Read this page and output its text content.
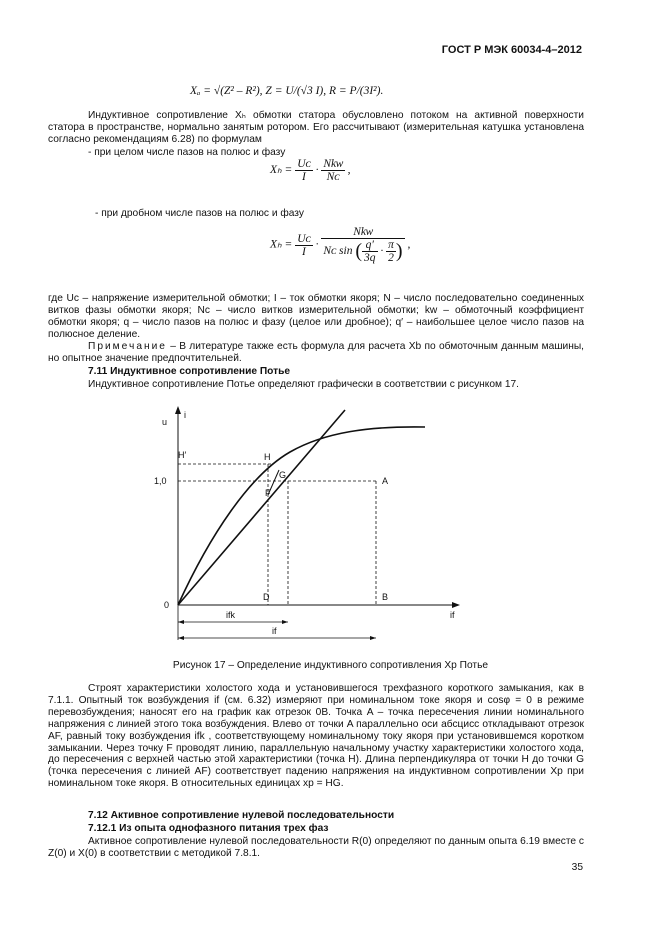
ГОСТ Р МЭК 60034-4–2012
Xₐ = √(Z² – R²), Z = U/(√3 I), R = P/(3I²).
Индуктивное сопротивление Xₕ обмотки статора обусловлено потоком на активной поверхности статора в пространстве, нормально занятым ротором. Его рассчитывают (измерительная катушка установлена согласно рекомендациям 6.28) по формулам
- при целом числе пазов на полюс и фазу
$X_h = \frac{\text{Uᴄ}}{I} \cdot \frac{\text{Nkᴡ}}{\text{Nᴄ}}$ ,
- при дробном числе пазов на полюс и фазу
$X_h = \frac{\text{Uᴄ}}{I} \cdot \frac{\text{Nkᴡ}}{Nᴄ \sin ( \frac{q'}{3q} \cdot \frac{\pi}{2} )}$ ,
где Uc – напряжение измерительной обмотки; I – ток обмотки якоря; N – число последовательно соединенных витков фазы обмотки якоря; Nc – число витков измерительной обмотки; kw – обмоточный коэффициент обмотки якоря; q – число пазов на полюс и фазу (целое или дробное); q′ – наибольшее целое число пазов на полюсное деление.
Примечание – В литературе также есть формула для расчета Xb по обмоточным данным машины, но опытное значение предпочтительней.
7.11 Индуктивное сопротивление Потье
Индуктивное сопротивление Потье определяют графически в соответствии с рисунком 17.
u
i
if
0
1,0
H′	H
G
F
A
D	B
ifk
if
Рисунок 17 – Определение индуктивного сопротивления Xp Потье
Строят характеристики холостого хода и установившегося трехфазного короткого замыкания, как в 7.1.1. Опытный ток возбуждения if (см. 6.32) измеряют при номинальном токе якоря и cosφ = 0 в режиме перевозбуждения; наносят его на график как отрезок 0B. Точка A – точка пересечения линии номинального напряжения с линией этого тока возбуждения. Влево от точки A параллельно оси абсцисс откладывают отрезок AF, равный току возбуждения ifk , соответствующему номинальному току якоря при установившемся коротком замыкании. Через точку F проводят линию, параллельную начальному участку характеристики холостого хода, до пересечения с верхней частью этой характеристики (точка H). Длина перпендикуляра от точки H до точки G (точка пересечения с линией AF) соответствует падению напряжения на индуктивном сопротивлении Xp при номинальном токе якоря. В относительных единицах xp = HG.
7.12 Активное сопротивление нулевой последовательности
7.12.1 Из опыта однофазного питания трех фаз
Активное сопротивление нулевой последовательности R(0) определяют по данным опыта 6.19 вместе с Z(0) и X(0) в соответствии с методикой 7.8.1.
35
